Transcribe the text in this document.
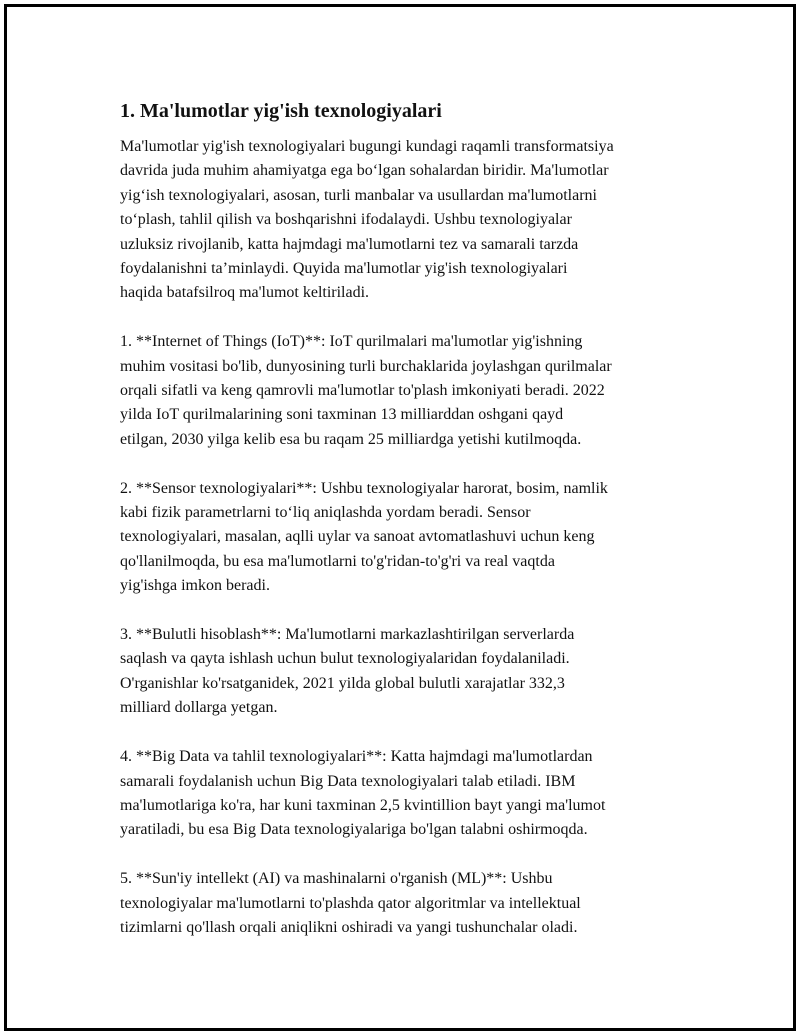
1. Ma'lumotlar yig'ish texnologiyalari

Ma'lumotlar yig'ish texnologiyalari bugungi kundagi raqamli transformatsiya
davrida juda muhim ahamiyatga ega bo‘lgan sohalardan biridir. Ma'lumotlar
yig‘ish texnologiyalari, asosan, turli manbalar va usullardan ma'lumotlarni
to‘plash, tahlil qilish va boshqarishni ifodalaydi. Ushbu texnologiyalar
uzluksiz rivojlanib, katta hajmdagi ma'lumotlarni tez va samarali tarzda
foydalanishni ta’minlaydi. Quyida ma'lumotlar yig'ish texnologiyalari
haqida batafsilroq ma'lumot keltiriladi.

1. **Internet of Things (IoT)**: IoT qurilmalari ma'lumotlar yig'ishning
muhim vositasi bo'lib, dunyosining turli burchaklarida joylashgan qurilmalar
orqali sifatli va keng qamrovli ma'lumotlar to'plash imkoniyati beradi. 2022
yilda IoT qurilmalarining soni taxminan 13 milliarddan oshgani qayd
etilgan, 2030 yilga kelib esa bu raqam 25 milliardga yetishi kutilmoqda.

2. **Sensor texnologiyalari**: Ushbu texnologiyalar harorat, bosim, namlik
kabi fizik parametrlarni to‘liq aniqlashda yordam beradi. Sensor
texnologiyalari, masalan, aqlli uylar va sanoat avtomatlashuvi uchun keng
qo'llanilmoqda, bu esa ma'lumotlarni to'g'ridan-to'g'ri va real vaqtda
yig'ishga imkon beradi.

3. **Bulutli hisoblash**: Ma'lumotlarni markazlashtirilgan serverlarda
saqlash va qayta ishlash uchun bulut texnologiyalaridan foydalaniladi.
O'rganishlar ko'rsatganidek, 2021 yilda global bulutli xarajatlar 332,3
milliard dollarga yetgan.

4. **Big Data va tahlil texnologiyalari**: Katta hajmdagi ma'lumotlardan
samarali foydalanish uchun Big Data texnologiyalari talab etiladi. IBM
ma'lumotlariga ko'ra, har kuni taxminan 2,5 kvintillion bayt yangi ma'lumot
yaratiladi, bu esa Big Data texnologiyalariga bo'lgan talabni oshirmoqda.

5. **Sun'iy intellekt (AI) va mashinalarni o'rganish (ML)**: Ushbu
texnologiyalar ma'lumotlarni to'plashda qator algoritmlar va intellektual
tizimlarni qo'llash orqali aniqlikni oshiradi va yangi tushunchalar oladi.
